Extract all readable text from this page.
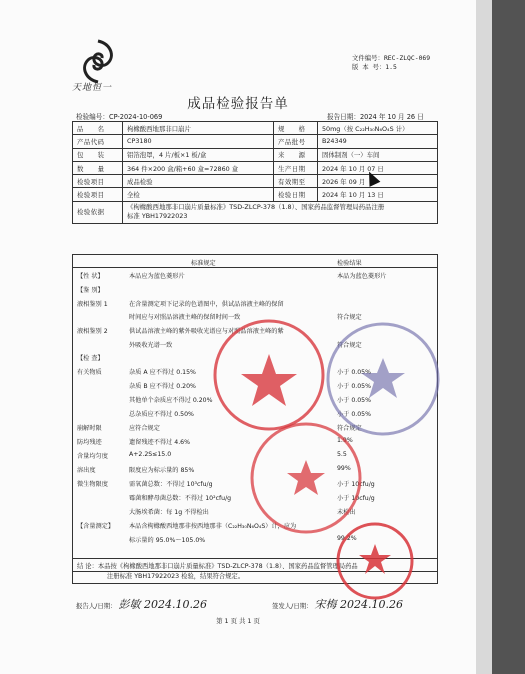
天地恒一
文件编号：REC-ZLQC-069
版 本 号：1.5
成品检验报告单
检验编号：CP-2024-10-069	报告日期：2024 年 10 月 26 日
品　　名	枸橼酸西地那非口崩片	规　　格	50mg（按 C₂₂H₃₀N₆O₄S 计）
产品代码	CP3180	产品批号	B24349
包　　装	铝箔泡罩，4 片/板×1 板/盒	来　　源	固体制剂（一）车间
数　　量	364 件×200 盒/箱+60 盒=72860 盒	生产日期	2024 年 10 月 07 日
检验项目	成品检验	有效期至	2026 年 09 月
检验项目	全检	检验日期	2024 年 10 月 13 日
检验依据	《枸橼酸西地那非口崩片质量标准》TSD-ZLCP-378（1.8）、国家药品监督管理局药品注册
标准 YBH17922023		
标准规定	检验结果
【性 状】	本品应为蓝色菱形片	本品为蓝色菱形片
【鉴 别】
液相鉴别 1	在含量测定项下记录的色谱图中，供试品溶液主峰的保留
时间应与对照品溶液主峰的保留时间一致	符合规定
液相鉴别 2	供试品溶液主峰的紫外吸收光谱应与对照品溶液主峰的紫
外吸收光谱一致	符合规定
【检 查】
有关物质	杂质 A 应不得过 0.15%	小于 0.05%
杂质 B 应不得过 0.20%	小于 0.05%
其他单个杂质应不得过 0.20%	小于 0.05%
总杂质应不得过 0.50%	小于 0.05%
崩解时限	应符合规定	符合规定
防均残迹	遗留残迹不得过 4.6%	1.9%
含量均匀度	A+2.2S≤15.0	5.5
溶出度	限度应为标示量的 85%	99%
微生物限度	需氧菌总数：不得过 10³cfu/g	小于 10cfu/g
霉菌和酵母菌总数：不得过 10²cfu/g	小于 10cfu/g
大肠埃希菌：每 1g 不得检出	未检出
【含量测定】 本品含枸橼酸西地那非按西地那非（C₂₂H₃₀N₆O₄S）计，应为
标示量的 95.0%～105.0%	99.2%
结 论：本品按《枸橼酸西地那非口崩片质量标准》TSD-ZLCP-378（1.8）、国家药品监督管理局药品
注册标准 YBH17922023 检验，结果符合规定。
报告人/日期： 彭敏 2024.10.26	签发人/日期： 宋梅 2024.10.26
第 1 页 共 1 页
